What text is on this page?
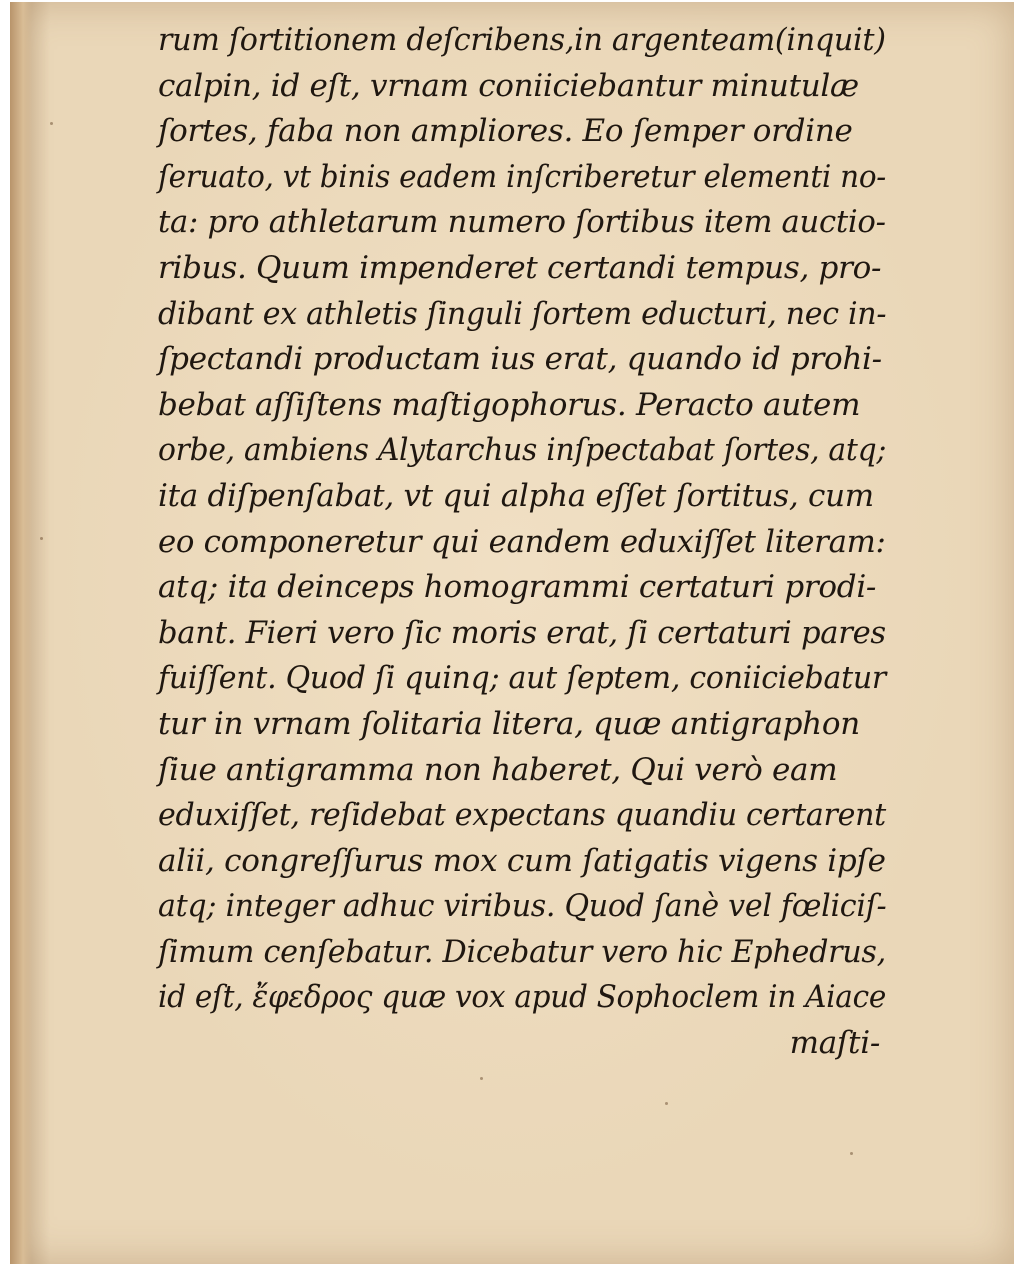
rum ſortitionem deſcribens,in argenteam(inquit)
calpin, id eſt, vrnam coniiciebantur minutulæ
ſortes, faba non ampliores. Eo ſemper ordine
ſeruato, vt binis eadem inſcriberetur elementi no-
ta: pro athletarum numero ſortibus item auctio-
ribus. Quum impenderet certandi tempus, pro-
dibant ex athletis ſinguli ſortem educturi, nec in-
ſpectandi productam ius erat, quando id prohi-
bebat aſſiſtens maſtigophorus. Peracto autem
orbe, ambiens Alytarchus inſpectabat ſortes, atq;
ita diſpenſabat, vt qui alpha eſſet ſortitus, cum
eo componeretur qui eandem eduxiſſet literam:
atq; ita deinceps homogrammi certaturi prodi-
bant. Fieri vero ſic moris erat, ſi certaturi pares
fuiſſent. Quod ſi quinq; aut ſeptem, coniiciebatur
tur in vrnam ſolitaria litera, quæ antigraphon
ſiue antigramma non haberet, Qui verò eam
eduxiſſet, reſidebat expectans quandiu certarent
alii, congreſſurus mox cum ſatigatis vigens ipſe
atq; integer adhuc viribus. Quod ſanè vel fœliciſ-
ſimum cenſebatur. Dicebatur vero hic Ephedrus,
id eſt, ἔφεδρος quæ vox apud Sophoclem in Aiace
maſti-
